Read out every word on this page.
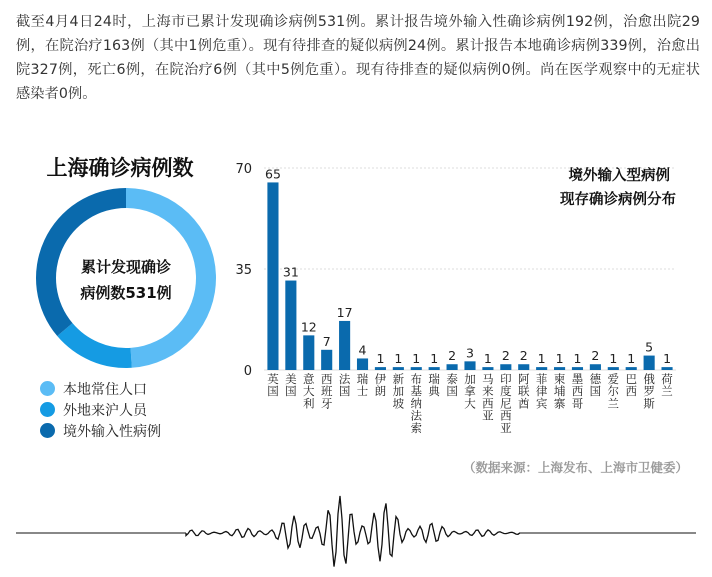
截至4月4日24时，上海市已累计发现确诊病例531例。累计报告境外输入性确诊病例192例，治愈出院29例，在院治疗163例（其中1例危重）。现有待排查的疑似病例24例。累计报告本地确诊病例339例，治愈出院327例，死亡6例，在院治疗6例（其中5例危重）。现有待排查的疑似病例0例。尚在医学观察中的无症状感染者0例。
上海确诊病例数
累计发现确诊
病例数531例
本地常住人口
外地来沪人员
境外输入性病例
0
35
70 65
英国
31
美国
12
意大利
7
西班牙
17
法国
4
瑞士
1
伊朗
1
新加坡
1
布基纳法索
1
瑞典
2
泰国
3
加拿大
1
马来西亚
2
印度尼西亚
2
阿联酋
1
菲律宾
1
柬埔寨
1
墨西哥
2
德国
1
爱尔兰
1
巴西
5
俄罗斯
1
荷兰
境外输入型病例
现存确诊病例分布
（数据来源：上海发布、上海市卫健委）
